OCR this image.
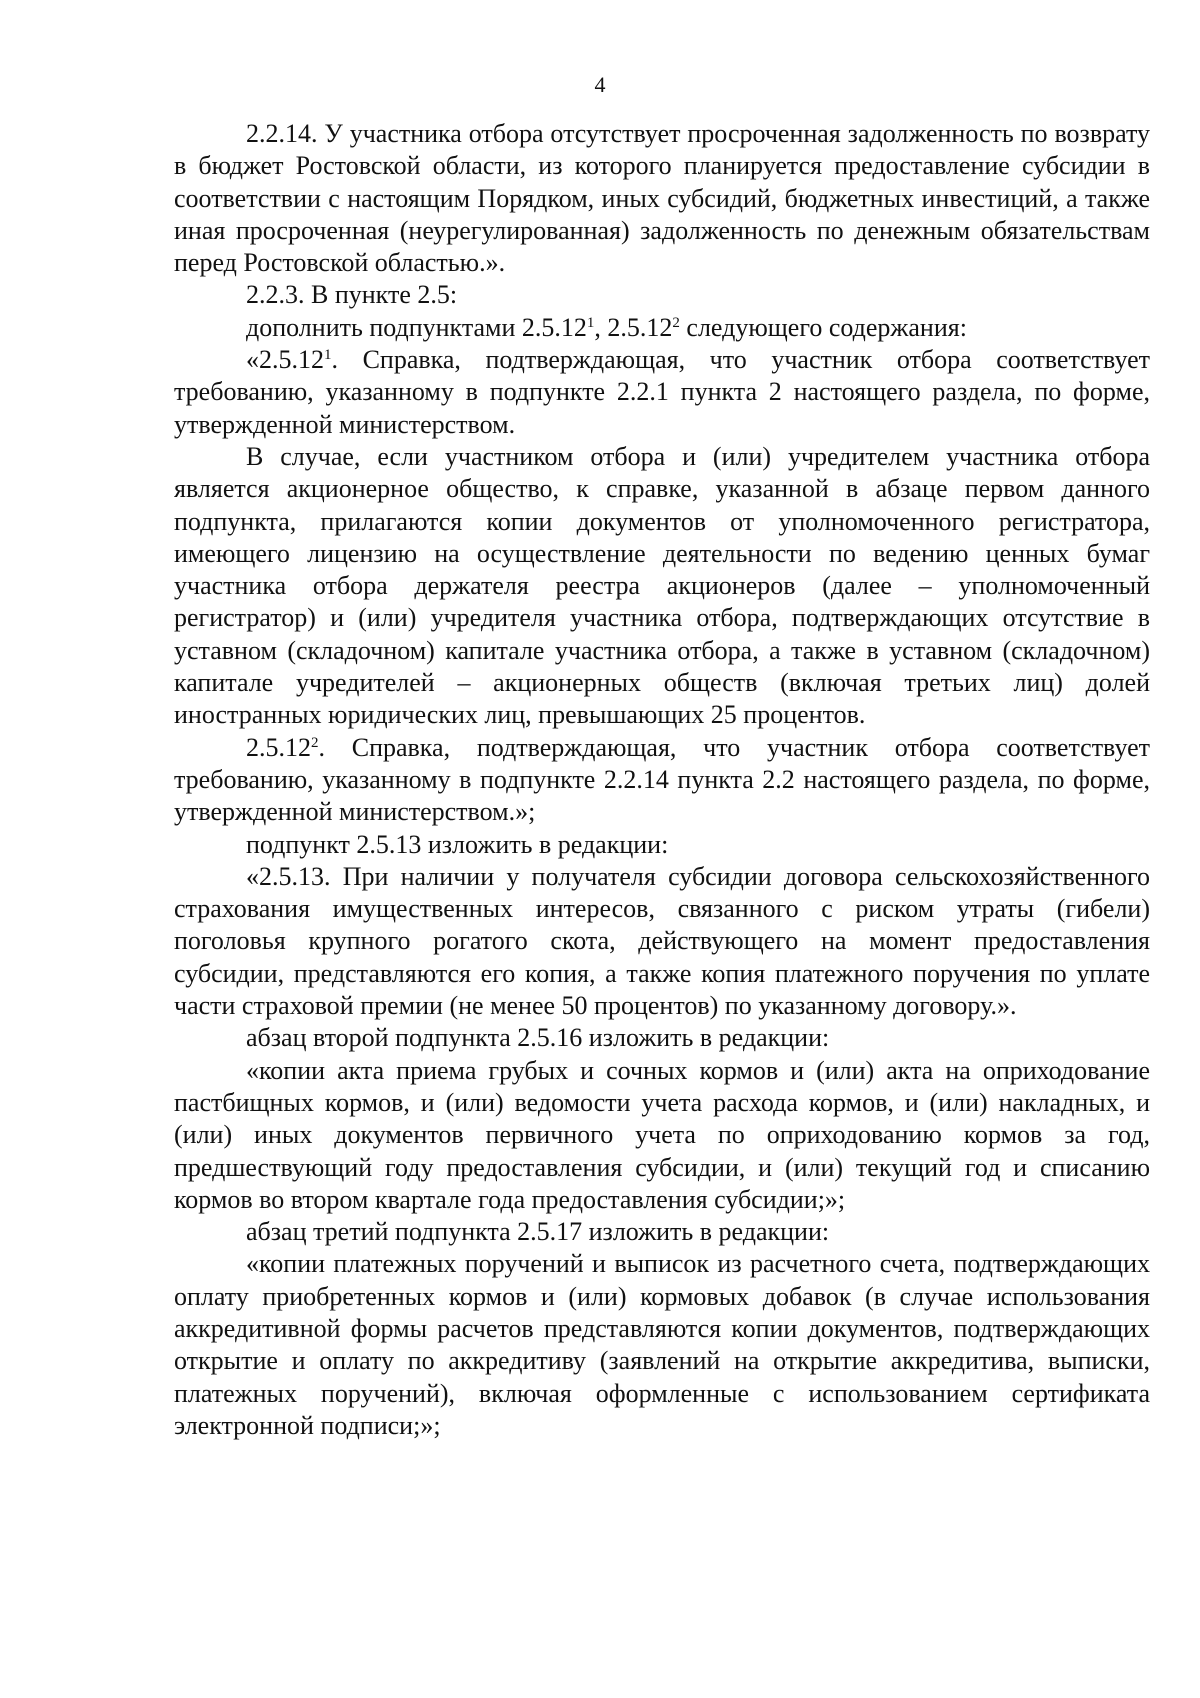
4

2.2.14. У участника отбора отсутствует просроченная задолженность по возврату в бюджет Ростовской области, из которого планируется предоставление субсидии в соответствии с настоящим Порядком, иных субсидий, бюджетных инвестиций, а также иная просроченная (неурегулированная) задолженность по денежным обязательствам перед Ростовской областью.».

2.2.3. В пункте 2.5:

дополнить подпунктами 2.5.12$^1$, 2.5.12$^2$ следующего содержания:

«2.5.12$^1$. Справка, подтверждающая, что участник отбора соответствует требованию, указанному в подпункте 2.2.1 пункта 2 настоящего раздела, по форме, утвержденной министерством.

В случае, если участником отбора и (или) учредителем участника отбора является акционерное общество, к справке, указанной в абзаце первом данного подпункта, прилагаются копии документов от уполномоченного регистратора, имеющего лицензию на осуществление деятельности по ведению ценных бумаг участника отбора держателя реестра акционеров (далее – уполномоченный регистратор) и (или) учредителя участника отбора, подтверждающих отсутствие в уставном (складочном) капитале участника отбора, а также в уставном (складочном) капитале учредителей – акционерных обществ (включая третьих лиц) долей иностранных юридических лиц, превышающих 25 процентов.

2.5.12$^2$. Справка, подтверждающая, что участник отбора соответствует требованию, указанному в подпункте 2.2.14 пункта 2.2 настоящего раздела, по форме, утвержденной министерством.»;

подпункт 2.5.13 изложить в редакции:

«2.5.13. При наличии у получателя субсидии договора сельскохозяйственного страхования имущественных интересов, связанного с риском утраты (гибели) поголовья крупного рогатого скота, действующего на момент предоставления субсидии, представляются его копия, а также копия платежного поручения по уплате части страховой премии (не менее 50 процентов) по указанному договору.».

абзац второй подпункта 2.5.16 изложить в редакции:

«копии акта приема грубых и сочных кормов и (или) акта на оприходование пастбищных кормов, и (или) ведомости учета расхода кормов, и (или) накладных, и (или) иных документов первичного учета по оприходованию кормов за год, предшествующий году предоставления субсидии, и (или) текущий год и списанию кормов во втором квартале года предоставления субсидии;»;

абзац третий подпункта 2.5.17 изложить в редакции:

«копии платежных поручений и выписок из расчетного счета, подтверждающих оплату приобретенных кормов и (или) кормовых добавок (в случае использования аккредитивной формы расчетов представляются копии документов, подтверждающих открытие и оплату по аккредитиву (заявлений на открытие аккредитива, выписки, платежных поручений), включая оформленные с использованием сертификата электронной подписи;»;
